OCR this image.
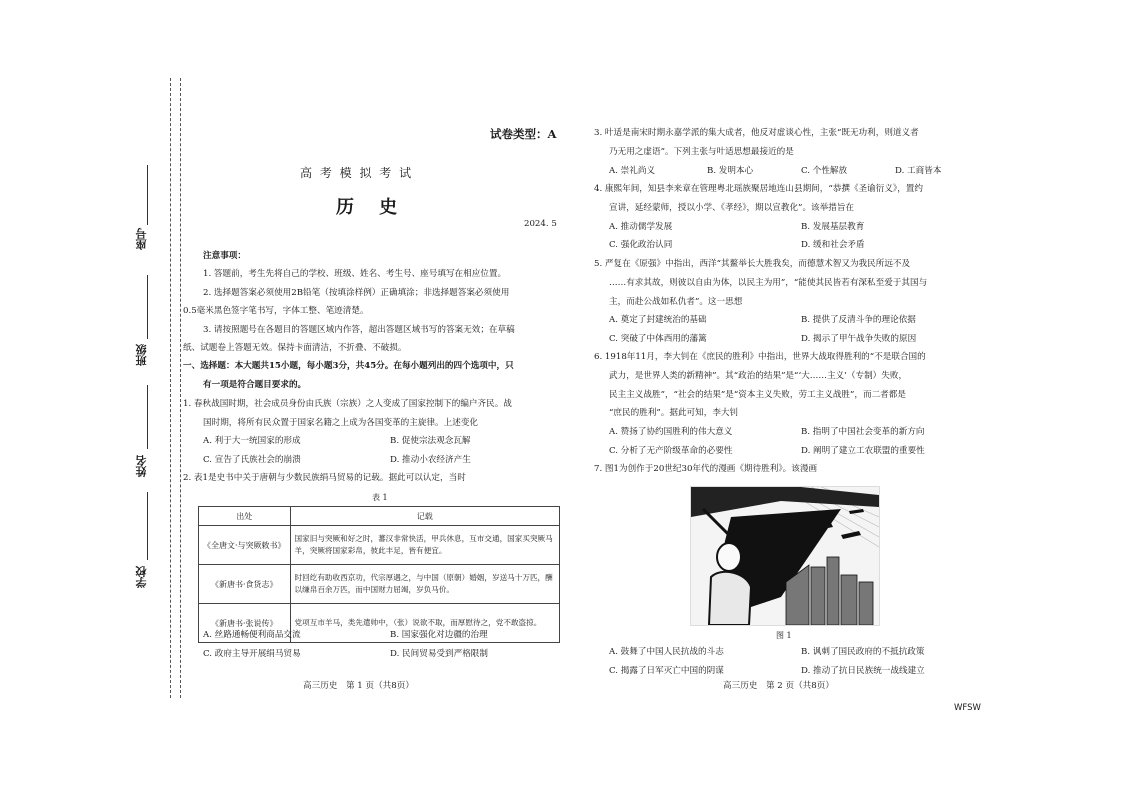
座号
班级
姓名
学校
试卷类型：A
高 考 模 拟 考 试
历    史
2024. 5
注意事项：
1. 答题前，考生先将自己的学校、班级、姓名、考生号、座号填写在相应位置。
2. 选择题答案必须使用2B铅笔（按填涂样例）正确填涂；非选择题答案必须使用
0.5毫米黑色签字笔书写，字体工整、笔迹清楚。
3. 请按照题号在各题目的答题区域内作答，超出答题区域书写的答案无效；在草稿
纸、试题卷上答题无效。保持卡面清洁，不折叠、不破损。
一、选择题：本大题共15小题，每小题3分，共45分。在每小题列出的四个选项中，只
有一项是符合题目要求的。
1. 春秋战国时期，社会成员身份由氏族（宗族）之人变成了国家控制下的编户齐民。战
国时期，将所有民众置于国家名籍之上成为各国变革的主旋律。上述变化
A. 利于大一统国家的形成	B. 促使宗法观念瓦解
C. 宣告了氏族社会的崩溃	D. 推动小农经济产生
2. 表1是史书中关于唐朝与少数民族绢马贸易的记载。据此可以认定，当时
表 1
出处	记载
《全唐文·与突厥敕书》	国家旧与突厥和好之时，蕃汉非常快活，甲兵休息，互市交通，国家买突厥马羊，突厥将国家彩帛，彼此丰足，皆有便宜。
《新唐书·食货志》	时回纥有助收西京功，代宗厚遇之，与中国（原朝）婚姻，岁送马十万匹，酬以缣帛百余万匹，而中国财力屈竭，岁负马价。
《新唐书·张说传》	党项互市羊马，类先遣帅中，（张）说欲不取，而厚慰待之，党不敢盗掠。
A. 丝路通畅便利商品交流	B. 国家强化对边疆的治理
C. 政府主导开展绢马贸易	D. 民间贸易受到严格限制
高三历史　第 1 页（共8页）
3. 叶适是南宋时期永嘉学派的集大成者，他反对虚谈心性，主张“既无功利，则道义者
乃无用之虚语”。下列主张与叶适思想最接近的是
A. 崇礼尚义	B. 发明本心	C. 个性解放	D. 工商皆本
4. 康熙年间，知县李来章在管理粤北瑶族聚居地连山县期间，“恭撰《圣谕衍义》，置约
宣讲，延经蒙师，授以小学、《孝经》，期以宣教化”。该举措旨在
A. 推动儒学发展	B. 发展基层教育
C. 强化政治认同	D. 缓和社会矛盾
5. 严复在《原强》中指出，西洋“其鳌举长大胜我矣，而德慧术智又为我民所远不及
……有求其故，则彼以自由为体，以民主为用”，“能使其民皆若有深私至爱于其国与
主，而赴公战如私仇者”。这一思想
A. 奠定了封建统治的基础	B. 提供了反清斗争的理论依据
C. 突破了中体西用的藩篱	D. 揭示了甲午战争失败的原因
6. 1918年11月，李大钊在《庶民的胜利》中指出，世界大战取得胜利的“不是联合国的
武力，是世界人类的新精神”。其“政治的结果”是“‘大……主义’（专制）失败，
民主主义战胜”，“社会的结果”是“资本主义失败，劳工主义战胜”，而二者都是
“庶民的胜利”。据此可知，李大钊
A. 赞扬了协约国胜利的伟大意义	B. 指明了中国社会变革的新方向
C. 分析了无产阶级革命的必要性	D. 阐明了建立工农联盟的重要性
7. 图1为创作于20世纪30年代的漫画《期待胜利》。该漫画
图 1
A. 鼓舞了中国人民抗战的斗志	B. 讽刺了国民政府的不抵抗政策
C. 揭露了日军灭亡中国的阴谋	D. 推动了抗日民族统一战线建立
高三历史　第 2 页（共8页）
WFSW
